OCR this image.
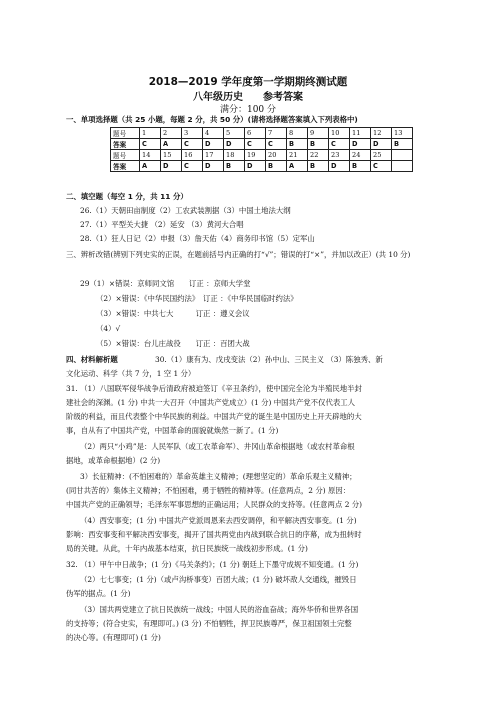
2018—2019 学年度第一学期期终测试题
八年级历史　　参考答案
满分：100 分
一、单项选择题（共 25 小题，每题 2 分，共 50 分）(请将选择题答案填入下列表格中)
题号	1	2	3	4	5	6	7	8	9	10	11	12	13
答案	C	A	C	D	D	C	C	B	B	C	D	D	B
题号	14	15	16	17	18	19	20	21	22	23	24	25	
答案	A	D	C	D	B	D	B	A	B	D	B	C	
二、填空题（每空 1 分，共 11 分）
26.（1）天朝田亩制度（2）工农武装割据（3）中国土地法大纲
27.（1）平型关大捷 （2）延安 （3）黄河大合唱
28.（1）狂人日记（2）申报（3）詹天佑（4）商务印书馆（5）定军山
三、辨析改错(辨别下列史实的正误，在题前括号内正确的打“√”；错误的打“×”，并加以改正）(共 10 分)
29（1）×错误：京师同文馆　　订正 ：京师大学堂
（2）×错误：《中华民国约法》　订正 ：《中华民国临时约法》
（3）×错误：中共七大　　　订正 ：遵义会议
（4）√
（5）×错误：台儿庄战役　　订正 ：百团大战
四、材料解析题	30.（1）康有为、戊戌变法（2）孙中山、三民主义 （3）陈独秀、新
文化运动、科学（共 7 分，1 空 1 分）
31. （1）八国联军侵华战争后清政府被迫签订《辛丑条约》，使中国完全沦为半殖民地半封
建社会的深渊。(1 分) 中共一大召开（中国共产党成立）(1 分) 中国共产党不仅代表工人
阶级的利益，而且代表整个中华民族的利益。中国共产党的诞生是中国历史上开天辟地的大
事，自从有了中国共产党，中国革命的面貌就焕然一新了。(1 分)
（2）两只“小鸡”是：人民军队（或工农革命军）、井冈山革命根据地（或农村革命根
据地，或革命根据地）(2 分)
3）长征精神：(不怕困难的）革命英雄主义精神；(理想坚定的）革命乐观主义精神；
(同甘共苦的）集体主义精神；不怕困难，勇于牺牲的精神等。(任意两点，2 分) 原因：
中国共产党的正确领导；毛泽东军事思想的正确运用；人民群众的支持等。(任意两点 2 分)
（4）西安事变；(1 分) 中国共产党派周恩来去西安调停，和平解决西安事变。(1 分)
影响：西安事变和平解决西安事变，揭开了国共两党由内战到联合抗日的序幕，成为扭转时
局的关键。从此，十年内战基本结束，抗日民族统一战线初步形成。(1 分)
32. （1）甲午中日战争；(1 分)《马关条约》；(1 分) 朝廷上下墨守成规不知变通。(1 分)
（2）七七事变；(1 分)（或卢沟桥事变）百团大战；(1 分) 破坏敌人交通线，摧毁日
伪军的据点。(1 分)
（3）国共两党建立了抗日民族统一战线；中国人民的浴血奋战；海外华侨和世界各国
的支持等；(符合史实，有理即可。) (3 分) 不怕牺牲，捍卫民族尊严，保卫祖国领土完整
的决心等。(有理即可) (1 分)
